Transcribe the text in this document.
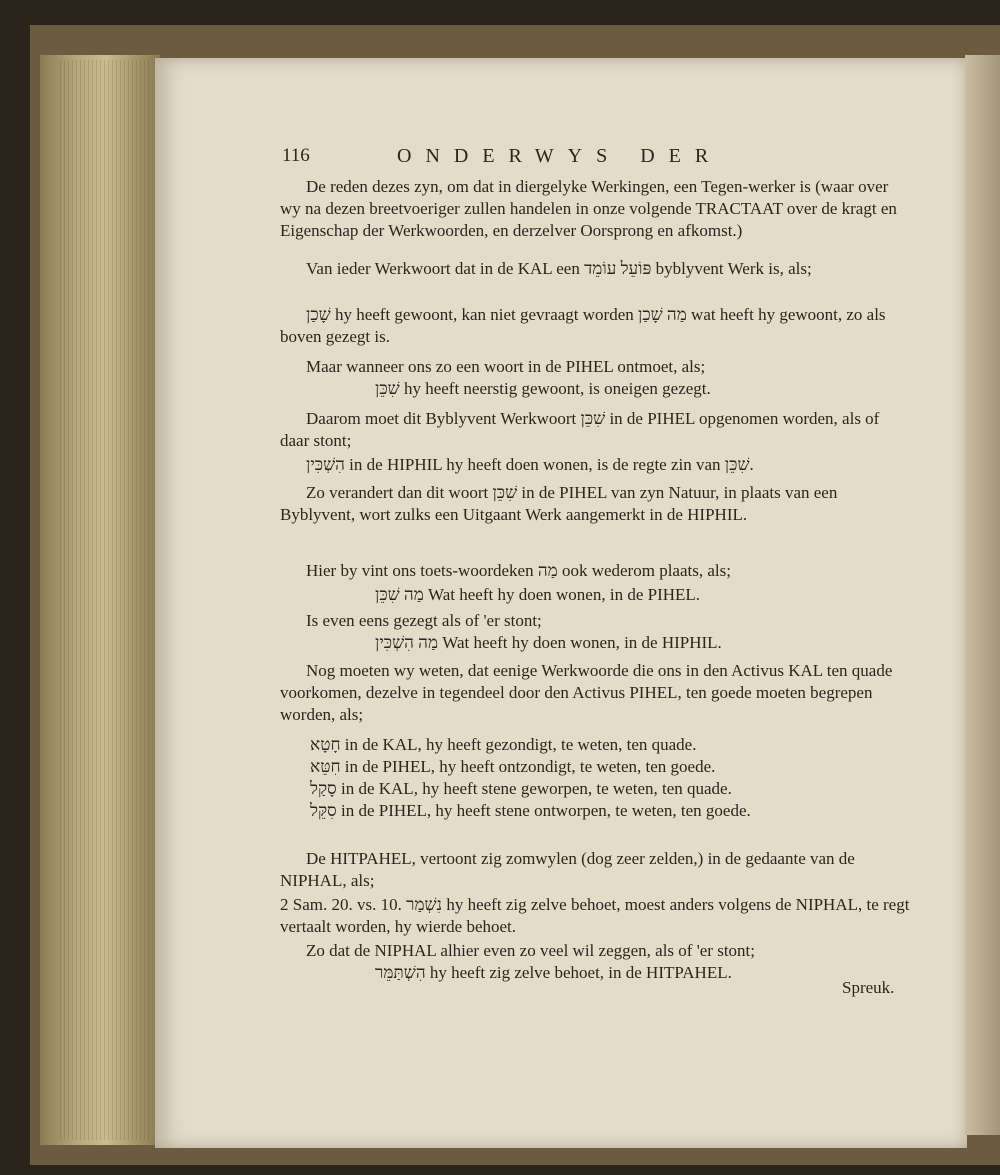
116	ONDERWYS DER

De reden dezes zyn, om dat in diergelyke Werkingen, een Tegen-werker is (waar over wy na dezen breetvoeriger zullen handelen in onze volgende TRACTAAT over de kragt en Eigenschap der Werkwoorden, en derzelver Oorsprong en afkomst.)

Van ieder Werkwoort dat in de KAL een פּוֹעֵל עוֹמֵד byblyvent Werk is, als;

שָׁכַן hy heeft gewoont, kan niet gevraagt worden מַה שָׁכַן wat heeft hy gewoont, zo als boven gezegt is.

Maar wanneer ons zo een woort in de PIHEL ontmoet, als;

שִׁכֵּן hy heeft neerstig gewoont, is oneigen gezegt.

Daarom moet dit Byblyvent Werkwoort שִׁכֵּן in de PIHEL opgenomen worden, als of daar stont;

הִשְׁכִּין in de HIPHIL hy heeft doen wonen, is de regte zin van שִׁכֵּן.

Zo verandert dan dit woort שִׁכֵּן in de PIHEL van zyn Natuur, in plaats van een Byblyvent, wort zulks een Uitgaant Werk aangemerkt in de HIPHIL.

Hier by vint ons toets-woordeken מַה ook wederom plaats, als;

מַה שִׁכֵּן Wat heeft hy doen wonen, in de PIHEL.

Is even eens gezegt als of 'er stont;

מַה הִשְׁכִּין Wat heeft hy doen wonen, in de HIPHIL.

Nog moeten wy weten, dat eenige Werkwoorde die ons in den Activus KAL ten quade voorkomen, dezelve in tegendeel door den Activus PIHEL, ten goede moeten begrepen worden, als;

חָטָא in de KAL, hy heeft gezondigt, te weten, ten quade.

חִטֵּא in de PIHEL, hy heeft ontzondigt, te weten, ten goede.

סָקַל in de KAL, hy heeft stene geworpen, te weten, ten quade.

סִקֵּל in de PIHEL, hy heeft stene ontworpen, te weten, ten goede.

De HITPAHEL, vertoont zig zomwylen (dog zeer zelden,) in de gedaante van de NIPHAL, als;

2 Sam. 20. vs. 10. נִשְׁמַר hy heeft zig zelve behoet, moest anders volgens de NIPHAL, te regt vertaalt worden, hy wierde behoet.

Zo dat de NIPHAL alhier even zo veel wil zeggen, als of 'er stont;

הִשְׁתַּמֵּר hy heeft zig zelve behoet, in de HITPAHEL.

Spreuk.
